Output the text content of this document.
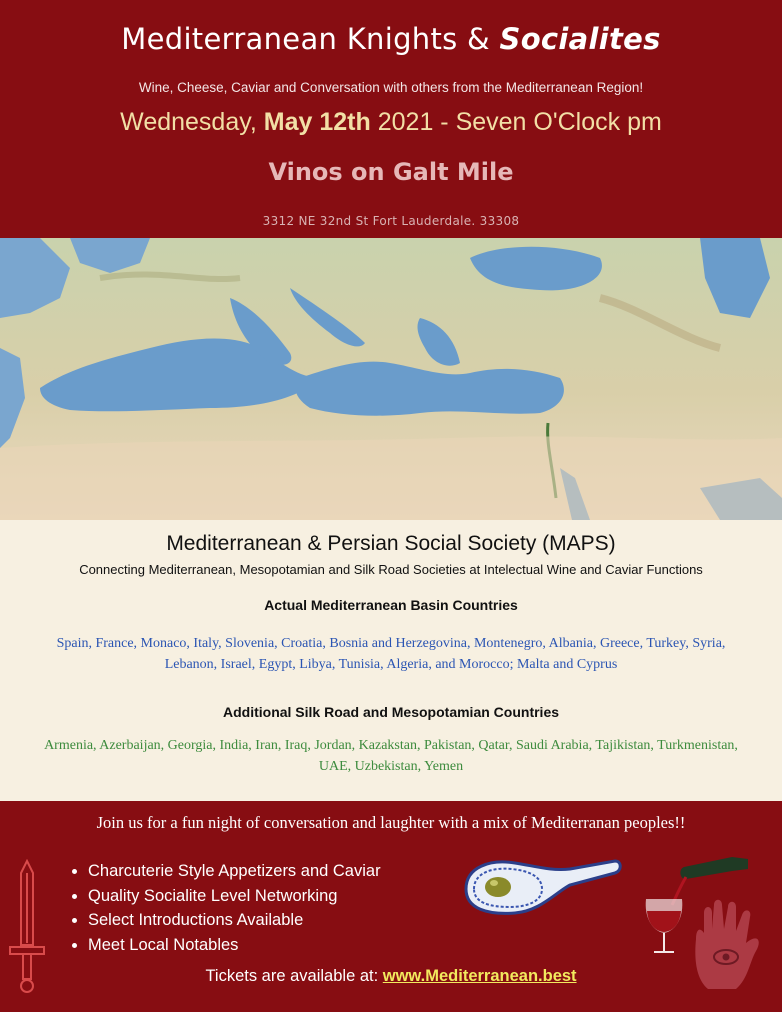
Mediterranean Knights & Socialites
Wine, Cheese, Caviar and Conversation with others from the Mediterranean Region!
Wednesday, May 12th 2021 - Seven O'Clock pm
Vinos on Galt Mile
3312 NE 32nd St Fort Lauderdale. 33308
Mediterranean & Persian Social Society (MAPS)
Connecting Mediterranean, Mesopotamian and Silk Road Societies at Intelectual Wine and Caviar Functions
Actual Mediterranean Basin Countries
Spain, France, Monaco, Italy, Slovenia, Croatia, Bosnia and Herzegovina, Montenegro, Albania, Greece, Turkey, Syria, Lebanon, Israel, Egypt, Libya, Tunisia, Algeria, and Morocco; Malta and Cyprus
Additional Silk Road and Mesopotamian Countries
Armenia, Azerbaijan, Georgia, India, Iran, Iraq, Jordan, Kazakstan, Pakistan, Qatar, Saudi Arabia, Tajikistan, Turkmenistan, UAE, Uzbekistan, Yemen
Join us for a fun night of conversation and laughter with a mix of Mediterranan peoples!!
• Charcuterie Style Appetizers and Caviar
• Quality Socialite Level Networking
• Select Introductions Available
• Meet Local Notables
Tickets are available at: www.Mediterranean.best
